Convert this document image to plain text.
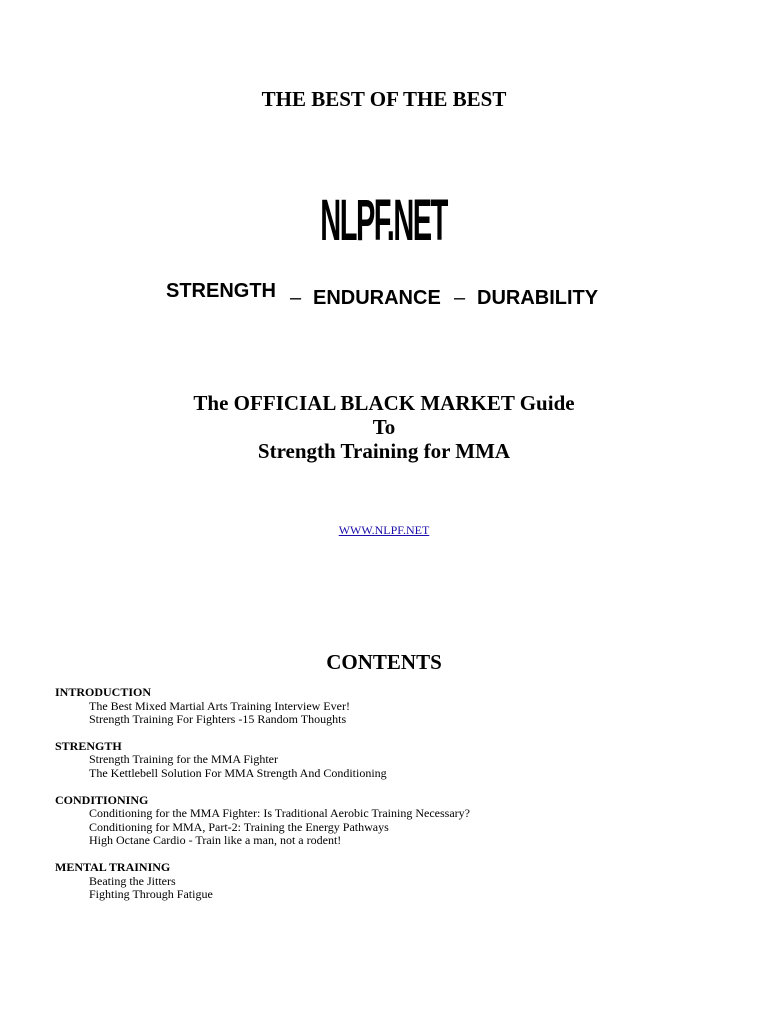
THE BEST OF THE BEST
NLPF.NET
STRENGTH – ENDURANCE – DURABILITY
The OFFICIAL BLACK MARKET Guide
To
Strength Training for MMA
WWW.NLPF.NET
CONTENTS
INTRODUCTION
The Best Mixed Martial Arts Training Interview Ever!
Strength Training For Fighters -15 Random Thoughts
STRENGTH
Strength Training for the MMA Fighter
The Kettlebell Solution For MMA Strength And Conditioning
CONDITIONING
Conditioning for the MMA Fighter: Is Traditional Aerobic Training Necessary?
Conditioning for MMA, Part-2: Training the Energy Pathways
High Octane Cardio - Train like a man, not a rodent!
MENTAL TRAINING
Beating the Jitters
Fighting Through Fatigue
